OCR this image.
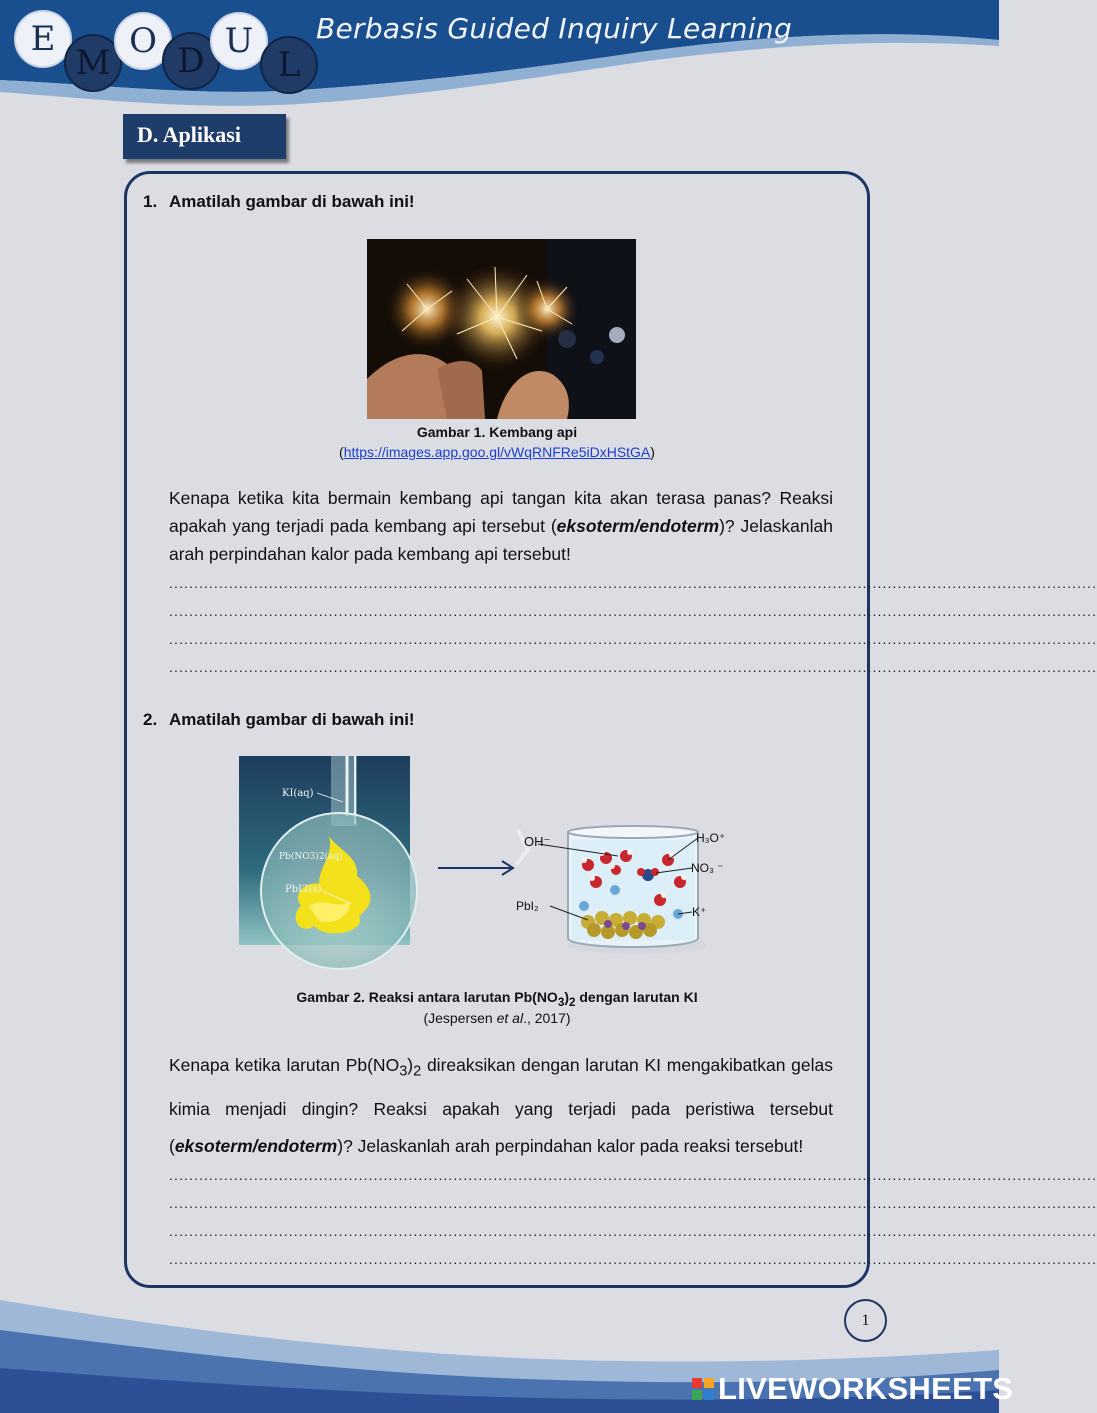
E
M
O D U
L
Berbasis Guided Inquiry Learning
D. Aplikasi
1. Amatilah gambar di bawah ini!
Gambar 1. Kembang api
(https://images.app.goo.gl/vWqRNFRe5iDxHStGA)
Kenapa ketika kita bermain kembang api tangan kita akan terasa panas? Reaksi apakah yang terjadi pada kembang api tersebut (eksoterm/endoterm)? Jelaskanlah arah perpindahan kalor pada kembang api tersebut!
..........................................................................................................................................................................................
..........................................................................................................................................................................................
..........................................................................................................................................................................................
..........................................................................................................................................................................................
2. Amatilah gambar di bawah ini!
KI(aq)
Pb(NO3)2(aq)
PbI2(s)
OH⁻	H₃O⁺
NO₃ ⁻
PbI₂	K⁺
Gambar 2. Reaksi antara larutan $Pb(NO_3)_2$ dengan larutan KI
(Jespersen et al., 2017)
Kenapa ketika larutan $Pb(NO_3)_2$ direaksikan dengan larutan KI mengakibatkan gelas kimia menjadi dingin? Reaksi apakah yang terjadi pada peristiwa tersebut (eksoterm/endoterm)? Jelaskanlah arah perpindahan kalor pada reaksi tersebut!
..........................................................................................................................................................................................
..........................................................................................................................................................................................
..........................................................................................................................................................................................
..........................................................................................................................................................................................
1
LIVEWORKSHEETS
